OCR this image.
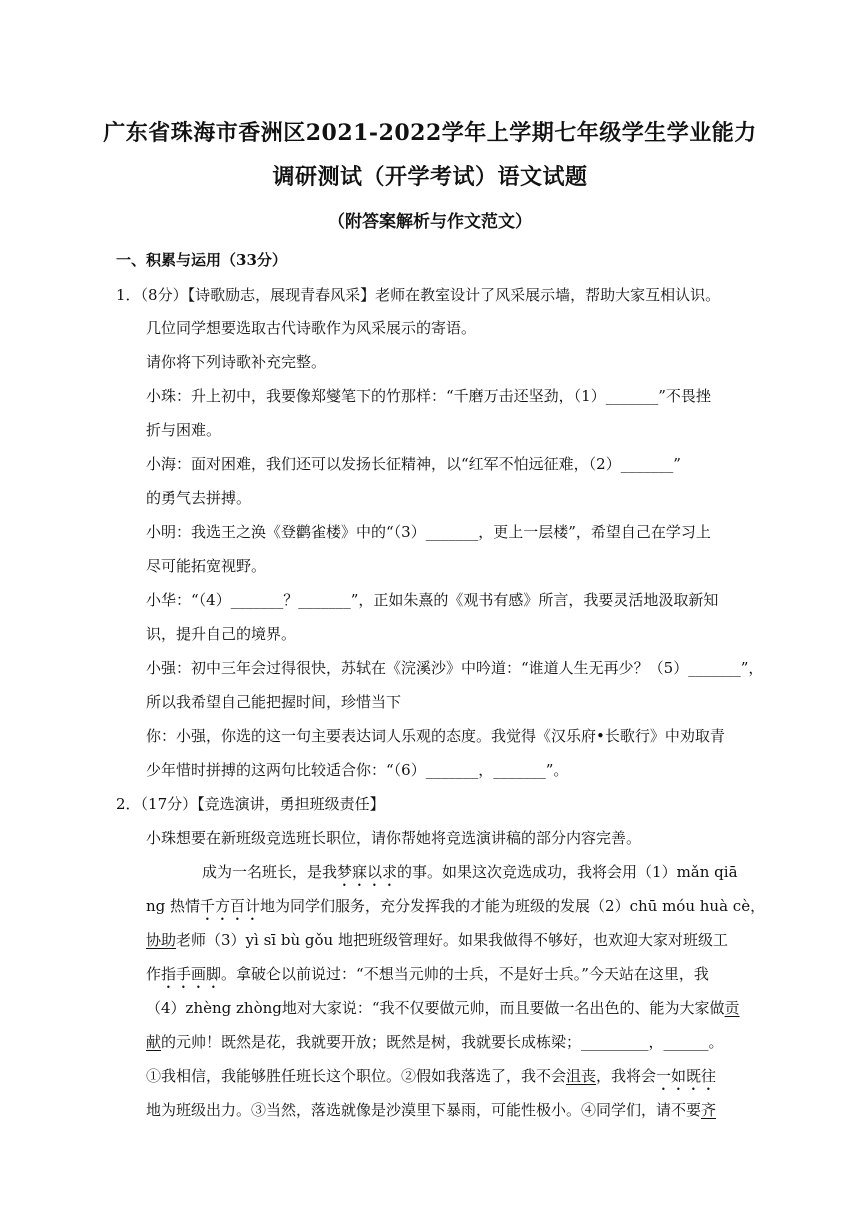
广东省珠海市香洲区2021-2022学年上学期七年级学生学业能力
调研测试（开学考试）语文试题
（附答案解析与作文范文）
一、积累与运用（33分）
1．（8分）【诗歌励志，展现青春风采】老师在教室设计了风采展示墙，帮助大家互相认识。
几位同学想要选取古代诗歌作为风采展示的寄语。
请你将下列诗歌补充完整。
小珠：升上初中，我要像郑燮笔下的竹那样：“千磨万击还坚劲，（1）_______”不畏挫
折与困难。
小海：面对困难，我们还可以发扬长征精神，以“红军不怕远征难，（2）_______”
的勇气去拼搏。
小明：我选王之涣《登鹳雀楼》中的“（3）_______，更上一层楼”，希望自己在学习上
尽可能拓宽视野。
小华：“（4）_______？_______”，正如朱熹的《观书有感》所言，我要灵活地汲取新知
识，提升自己的境界。
小强：初中三年会过得很快，苏轼在《浣溪沙》中吟道：“谁道人生无再少？（5）_______”，
所以我希望自己能把握时间，珍惜当下
你：小强，你选的这一句主要表达词人乐观的态度。我觉得《汉乐府•长歌行》中劝取青
少年惜时拼搏的这两句比较适合你：“（6）_______，_______”。
2．（17分）【竞选演讲，勇担班级责任】
小珠想要在新班级竞选班长职位，请你帮她将竞选演讲稿的部分内容完善。
成为一名班长，是我梦寐以求的事。如果这次竞选成功，我将会用（1）mǎn qiā
ng 热情千方百计地为同学们服务，充分发挥我的才能为班级的发展（2）chū móu huà cè，
协助老师（3）yì sī bù gǒu 地把班级管理好。如果我做得不够好，也欢迎大家对班级工
作指手画脚。拿破仑以前说过：“不想当元帅的士兵，不是好士兵。”今天站在这里，我
（4）zhèng zhòng地对大家说：“我不仅要做元帅，而且要做一名出色的、能为大家做贡
献的元帅！既然是花，我就要开放；既然是树，我就要长成栋梁；_________，______。
①我相信，我能够胜任班长这个职位。②假如我落选了，我不会沮丧，我将会一如既往
地为班级出力。③当然，落选就像是沙漠里下暴雨，可能性极小。④同学们，请不要齐
